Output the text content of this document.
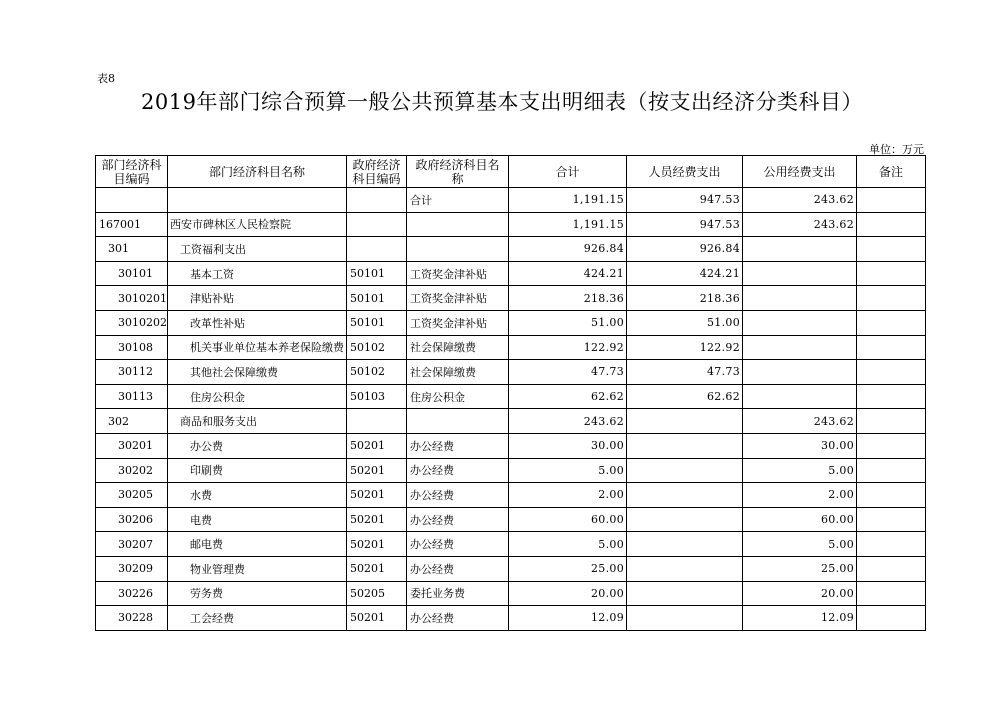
表8
2019年部门综合预算一般公共预算基本支出明细表（按支出经济分类科目）
单位：万元
部门经济科目编码	部门经济科目名称	政府经济科目编码	政府经济科目名称	合计	人员经费支出	公用经费支出	备注
			合计	1,191.15	947.53	243.62	
167001	西安市碑林区人民检察院			1,191.15	947.53	243.62	
301	工资福利支出			926.84	926.84		
30101	基本工资	50101	工资奖金津补贴	424.21	424.21		
3010201	津贴补贴	50101	工资奖金津补贴	218.36	218.36		
3010202	改革性补贴	50101	工资奖金津补贴	51.00	51.00		
30108	机关事业单位基本养老保险缴费	50102	社会保障缴费	122.92	122.92		
30112	其他社会保障缴费	50102	社会保障缴费	47.73	47.73		
30113	住房公积金	50103	住房公积金	62.62	62.62		
302	商品和服务支出			243.62		243.62	
30201	办公费	50201	办公经费	30.00		30.00	
30202	印刷费	50201	办公经费	5.00		5.00	
30205	水费	50201	办公经费	2.00		2.00	
30206	电费	50201	办公经费	60.00		60.00	
30207	邮电费	50201	办公经费	5.00		5.00	
30209	物业管理费	50201	办公经费	25.00		25.00	
30226	劳务费	50205	委托业务费	20.00		20.00	
30228	工会经费	50201	办公经费	12.09		12.09	
